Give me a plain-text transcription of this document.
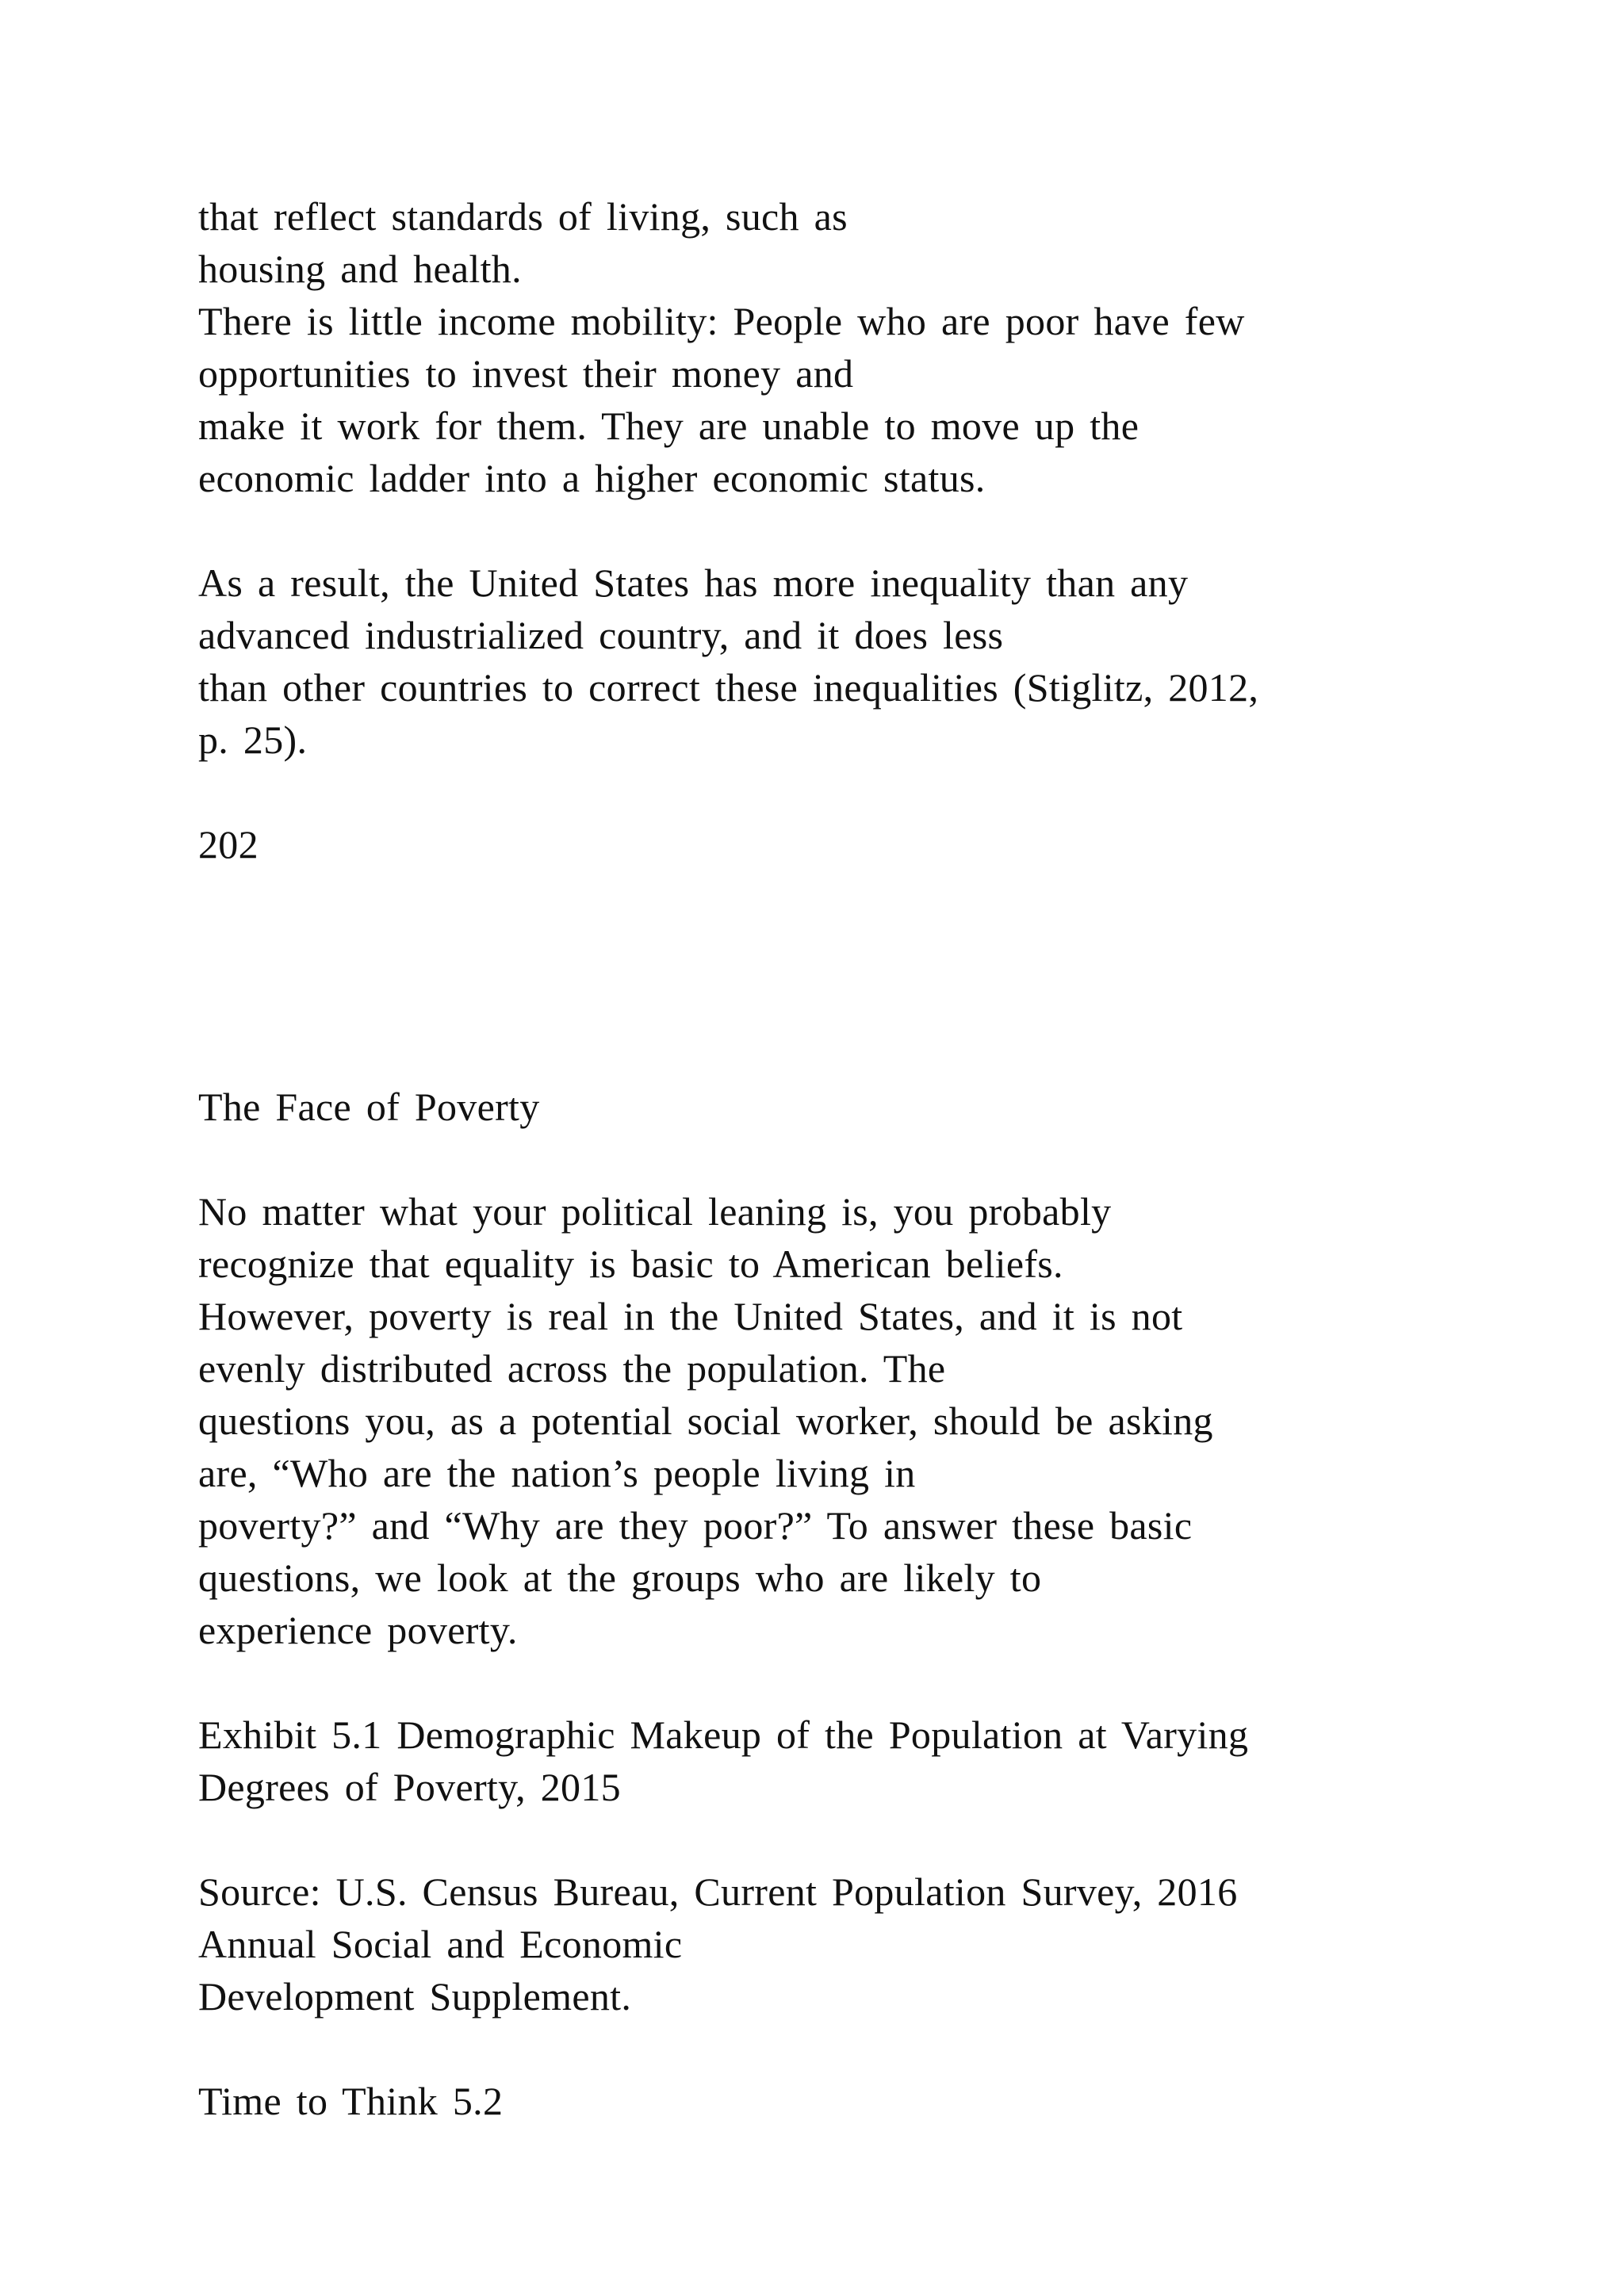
that reflect standards of living, such as
housing and health.
There is little income mobility: People who are poor have few
opportunities to invest their money and
make it work for them. They are unable to move up the
economic ladder into a higher economic status.
As a result, the United States has more inequality than any
advanced industrialized country, and it does less
than other countries to correct these inequalities (Stiglitz, 2012,
p. 25).
202
The Face of Poverty
No matter what your political leaning is, you probably
recognize that equality is basic to American beliefs.
However, poverty is real in the United States, and it is not
evenly distributed across the population. The
questions you, as a potential social worker, should be asking
are, “Who are the nation’s people living in
poverty?” and “Why are they poor?” To answer these basic
questions, we look at the groups who are likely to
experience poverty.
Exhibit 5.1 Demographic Makeup of the Population at Varying
Degrees of Poverty, 2015
Source: U.S. Census Bureau, Current Population Survey, 2016
Annual Social and Economic
Development Supplement.
Time to Think 5.2
